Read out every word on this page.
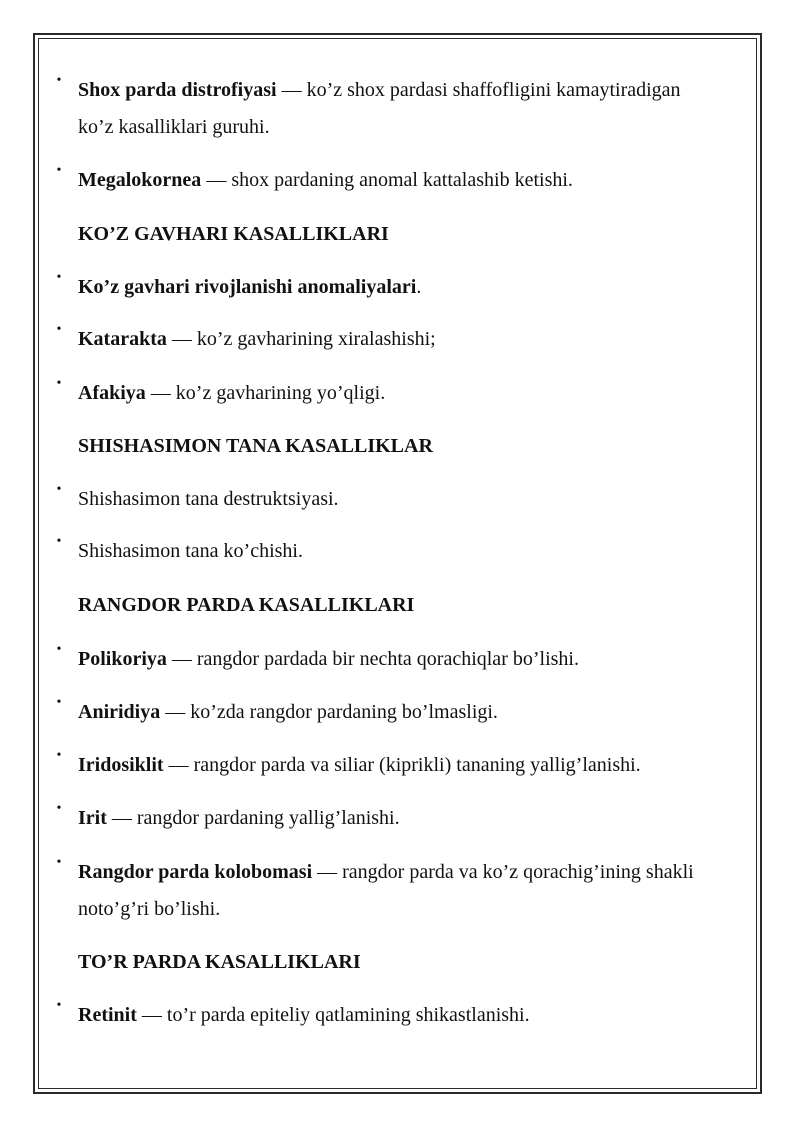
• Shox parda distrofiyasi — ko’z shox pardasi shaffofligini kamaytiradigan ko’z kasalliklari guruhi.
• Megalokornea — shox pardaning anomal kattalashib ketishi.
KO’Z GAVHARI KASALLIKLARI
• Ko’z gavhari rivojlanishi anomaliyalari.
• Katarakta — ko’z gavharining xiralashishi;
• Afakiya — ko’z gavharining yo’qligi.
SHISHASIMON TANA KASALLIKLAR
• Shishasimon tana destruktsiyasi.
• Shishasimon tana ko’chishi.
RANGDOR PARDA KASALLIKLARI
• Polikoriya — rangdor pardada bir nechta qorachiqlar bo’lishi.
• Aniridiya — ko’zda rangdor pardaning bo’lmasligi.
• Iridosiklit — rangdor parda va siliar (kiprikli) tananing yallig’lanishi.
• Irit — rangdor pardaning yallig’lanishi.
• Rangdor parda kolobomasi — rangdor parda va ko’z qorachig’ining shakli noto’g’ri bo’lishi.
TO’R PARDA KASALLIKLARI
• Retinit — to’r parda epiteliy qatlamining shikastlanishi.
